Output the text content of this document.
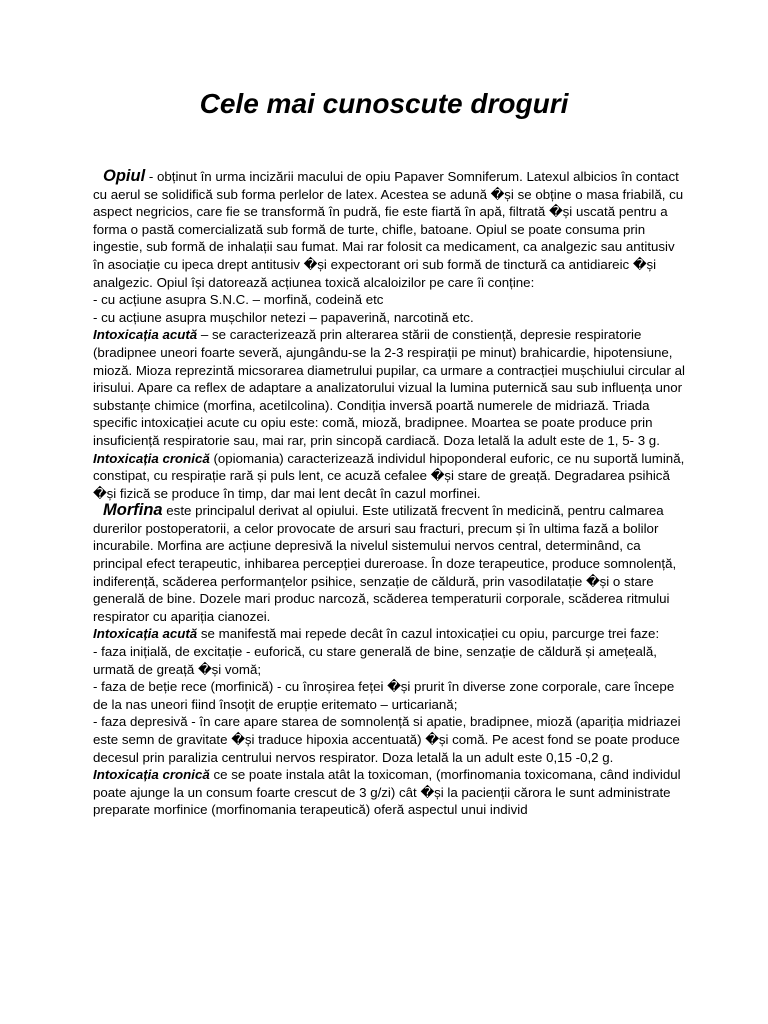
Cele mai cunoscute droguri

Opiul - obținut în urma incizării macului de opiu Papaver Somniferum. Latexul albicios în contact cu aerul se solidifică sub forma perlelor de latex. Acestea se adună �și se obține o masa friabilă, cu aspect negricios, care fie se transformă în pudră, fie este fiartă în apă, filtrată �și uscată pentru a forma o pastă comercializată sub formă de turte, chifle, batoane. Opiul se poate consuma prin ingestie, sub formă de inhalații sau fumat. Mai rar folosit ca medicament, ca analgezic sau antitusiv în asociație cu ipeca drept antitusiv �și expectorant ori sub formă de tinctură ca antidiareic �și analgezic. Opiul își datorează acțiunea toxică alcaloizilor pe care îi conține:

- cu acțiune asupra S.N.C. – morfină, codeină etc

- cu acțiune asupra mușchilor netezi – papaverină, narcotină etc.

Intoxicația acută – se caracterizează prin alterarea stării de constiență, depresie respiratorie (bradipnee uneori foarte severă, ajungându-se la 2-3 respirații pe minut) brahicardie, hipotensiune, mioză. Mioza reprezintă micsorarea diametrului pupilar, ca urmare a contracției mușchiului circular al irisului. Apare ca reflex de adaptare a analizatorului vizual la lumina puternică sau sub influența unor substanțe chimice (morfina, acetilcolina). Condiția inversă poartă numerele de midriază. Triada specific intoxicației acute cu opiu este: comă, mioză, bradipnee. Moartea se poate produce prin insuficiență respiratorie sau, mai rar, prin sincopă cardiacă. Doza letală la adult este de 1, 5- 3 g.

Intoxicația cronică (opiomania) caracterizează individul hipoponderal euforic, ce nu suportă lumină, constipat, cu respirație rară și puls lent, ce acuză cefalee �și stare de greață. Degradarea psihică �și fizică se produce în timp, dar mai lent decât în cazul morfinei.

Morfina este principalul derivat al opiului. Este utilizată frecvent în medicină, pentru calmarea durerilor postoperatorii, a celor provocate de arsuri sau fracturi, precum și în ultima fază a bolilor incurabile. Morfina are acțiune depresivă la nivelul sistemului nervos central, determinând, ca principal efect terapeutic, inhibarea percepției dureroase. În doze terapeutice, produce somnolență, indiferență, scăderea performanțelor psihice, senzație de căldură, prin vasodilatație �și o stare generală de bine. Dozele mari produc narcoză, scăderea temperaturii corporale, scăderea ritmului respirator cu apariția cianozei.

Intoxicația acută se manifestă mai repede decât în cazul intoxicației cu opiu, parcurge trei faze:

- faza inițială, de excitație - euforică, cu stare generală de bine, senzație de căldură și amețeală, urmată de greață �și vomă;

- faza de beție rece (morfinică) - cu înroșirea feței �și prurit în diverse zone corporale, care începe de la nas uneori fiind însoțit de erupție eritemato – urticariană;

- faza depresivă - în care apare starea de somnolență si apatie, bradipnee, mioză (apariția midriazei este semn de gravitate �și traduce hipoxia accentuată) �și comă. Pe acest fond se poate produce decesul prin paralizia centrului nervos respirator. Doza letală la un adult este 0,15 -0,2 g.

Intoxicația cronică ce se poate instala atât la toxicoman, (morfinomania toxicomana, când individul poate ajunge la un consum foarte crescut de 3 g/zi) cât �și la pacienții cărora le sunt administrate preparate morfinice (morfinomania terapeutică) oferă aspectul unui individ
